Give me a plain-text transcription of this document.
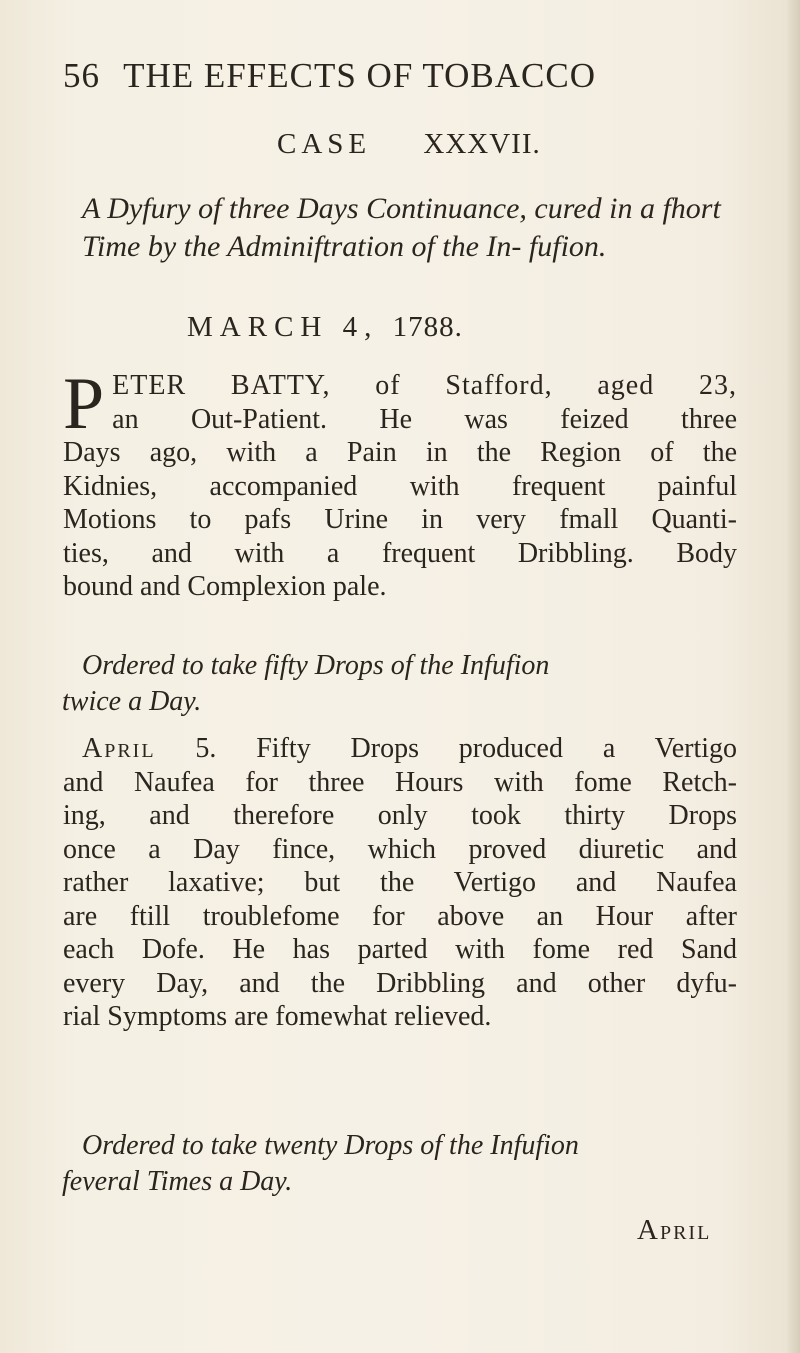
56 THE EFFECTS OF TOBACCO
CASE XXXVII.
A Dyfury of three Days Continuance, cured in a fhort Time by the Adminiftration of the In- fufion.
MARCH 4, 1788.
P ETER BATTY, of Stafford, aged 23,
an Out-Patient. He was feized three
Days ago, with a Pain in the Region of the
Kidnies, accompanied with frequent painful
Motions to pafs Urine in very fmall Quanti-
ties, and with a frequent Dribbling. Body
bound and Complexion pale.
Ordered to take fifty Drops of the Infufion
twice a Day.
April 5. Fifty Drops produced a Vertigo
and Naufea for three Hours with fome Retch-
ing, and therefore only took thirty Drops
once a Day fince, which proved diuretic and
rather laxative; but the Vertigo and Naufea
are ftill troublefome for above an Hour after
each Dofe. He has parted with fome red Sand
every Day, and the Dribbling and other dyfu-
rial Symptoms are fomewhat relieved.
Ordered to take twenty Drops of the Infufion
feveral Times a Day.
April
